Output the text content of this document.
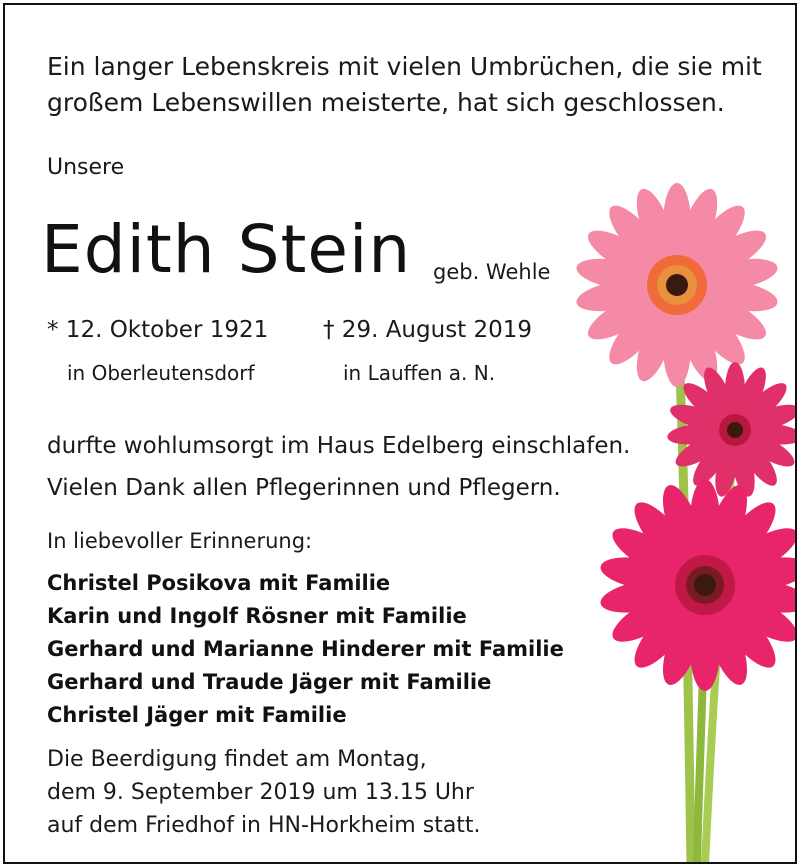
Ein langer Lebenskreis mit vielen Umbrüchen, die sie mit
großem Lebenswillen meisterte, hat sich geschlossen.
Unsere
Edith Stein geb. Wehle
* 12. Oktober 1921
in Oberleutensdorf
† 29. August 2019
in Lauffen a. N.
durfte wohlumsorgt im Haus Edelberg einschlafen.
Vielen Dank allen Pflegerinnen und Pflegern.
In liebevoller Erinnerung:
Christel Posikova mit Familie
Karin und Ingolf Rösner mit Familie
Gerhard und Marianne Hinderer mit Familie
Gerhard und Traude Jäger mit Familie
Christel Jäger mit Familie
Die Beerdigung findet am Montag,
dem 9. September 2019 um 13.15 Uhr
auf dem Friedhof in HN-Horkheim statt.
